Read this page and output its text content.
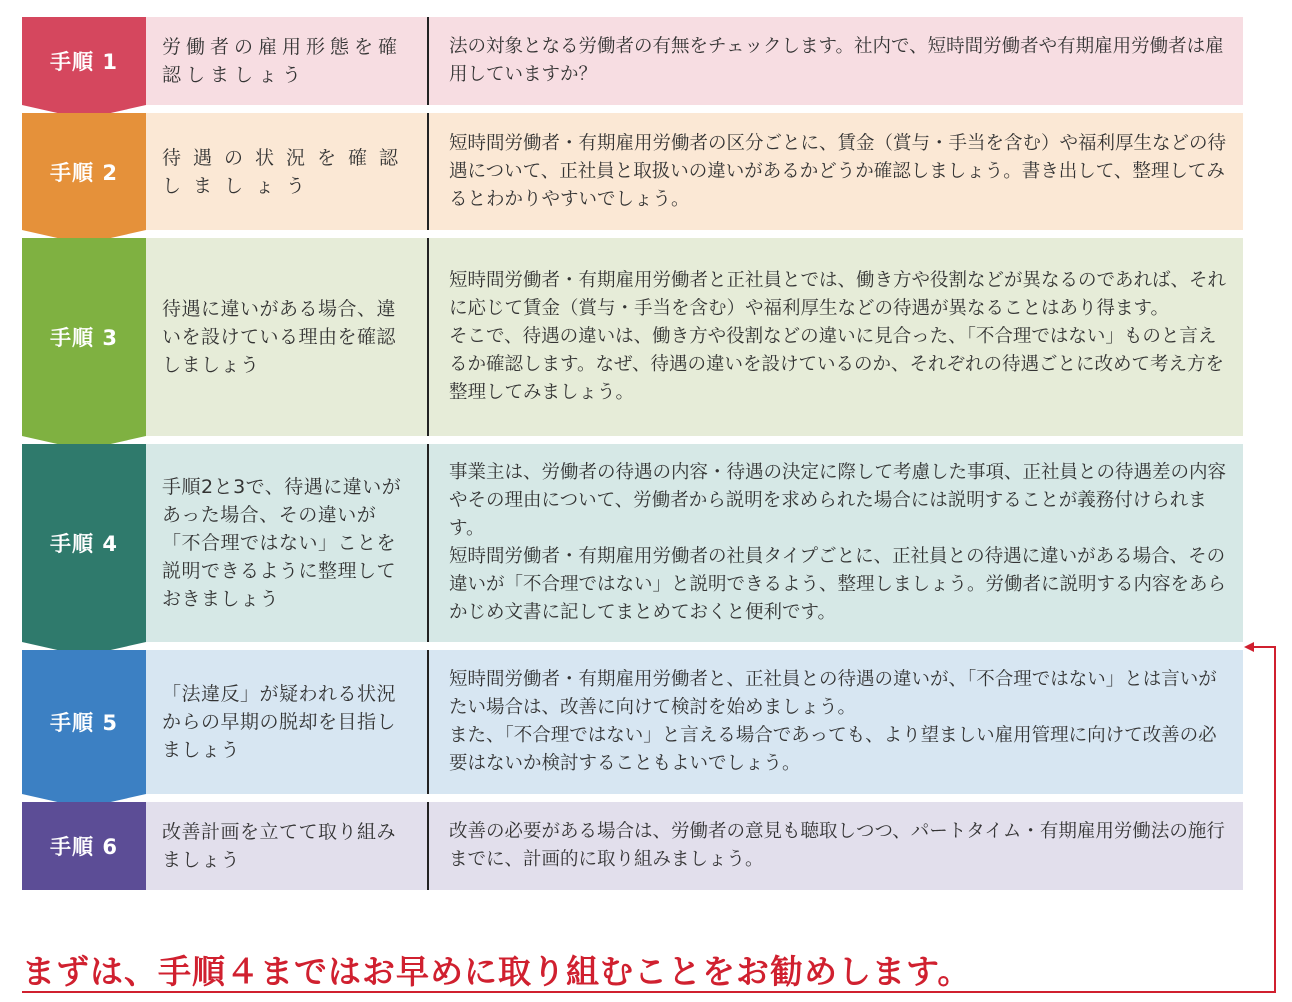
労働者の雇用形態を確認しましょう

法の対象となる労働者の有無をチェックします。社内で、短時間労働者や有期雇用労働者は雇用していますか？

待遇の状況を確認しましょう

短時間労働者・有期雇用労働者の区分ごとに、賃金（賞与・手当を含む）や福利厚生などの待遇について、正社員と取扱いの違いがあるかどうか確認しましょう。書き出して、整理してみるとわかりやすいでしょう。

待遇に違いがある場合、違いを設けている理由を確認しましょう

短時間労働者・有期雇用労働者と正社員とでは、働き方や役割などが異なるのであれば、それに応じて賃金（賞与・手当を含む）や福利厚生などの待遇が異なることはあり得ます。

そこで、待遇の違いは、働き方や役割などの違いに見合った、「不合理ではない」ものと言えるか確認します。なぜ、待遇の違いを設けているのか、それぞれの待遇ごとに改めて考え方を整理してみましょう。

手順2と3で、待遇に違いがあった場合、その違いが「不合理ではない」ことを説明できるように整理しておきましょう

事業主は、労働者の待遇の内容・待遇の決定に際して考慮した事項、正社員との待遇差の内容やその理由について、労働者から説明を求められた場合には説明することが義務付けられます。

短時間労働者・有期雇用労働者の社員タイプごとに、正社員との待遇に違いがある場合、その違いが「不合理ではない」と説明できるよう、整理しましょう。労働者に説明する内容をあらかじめ文書に記してまとめておくと便利です。

「法違反」が疑われる状況からの早期の脱却を目指しましょう

短時間労働者・有期雇用労働者と、正社員との待遇の違いが、「不合理ではない」とは言いがたい場合は、改善に向けて検討を始めましょう。

また、「不合理ではない」と言える場合であっても、より望ましい雇用管理に向けて改善の必要はないか検討することもよいでしょう。

改善計画を立てて取り組みましょう

改善の必要がある場合は、労働者の意見も聴取しつつ、パートタイム・有期雇用労働法の施行までに、計画的に取り組みましょう。

手順 1
手順 2
手順 3
手順 4
手順 5
手順 6
まずは、手順４まではお早めに取り組むことをお勧めします。
